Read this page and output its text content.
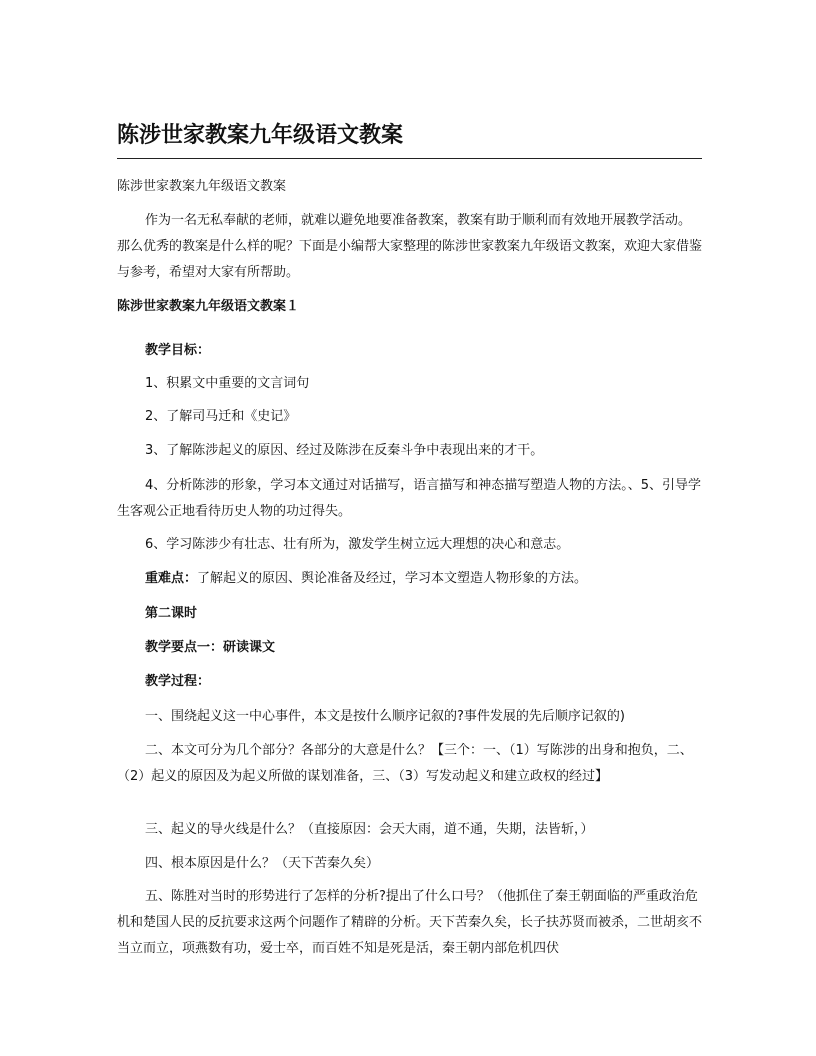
陈涉世家教案九年级语文教案

陈涉世家教案九年级语文教案

作为一名无私奉献的老师，就难以避免地要准备教案，教案有助于顺利而有效地开展教学活动。那么优秀的教案是什么样的呢？下面是小编帮大家整理的陈涉世家教案九年级语文教案，欢迎大家借鉴与参考，希望对大家有所帮助。

陈涉世家教案九年级语文教案１

教学目标：

1、积累文中重要的文言词句

2、了解司马迁和《史记》

3、了解陈涉起义的原因、经过及陈涉在反秦斗争中表现出来的才干。

4、分析陈涉的形象，学习本文通过对话描写，语言描写和神态描写塑造人物的方法。、5、引导学生客观公正地看待历史人物的功过得失。

6、学习陈涉少有壮志、壮有所为，激发学生树立远大理想的决心和意志。

重难点：了解起义的原因、舆论准备及经过，学习本文塑造人物形象的方法。

第二课时

教学要点一：研读课文

教学过程：

一、围绕起义这一中心事件，本文是按什么顺序记叙的?事件发展的先后顺序记叙的)

二、本文可分为几个部分？各部分的大意是什么？【三个：一、（1）写陈涉的出身和抱负，二、（2）起义的原因及为起义所做的谋划准备，三、（3）写发动起义和建立政权的经过】

三、起义的导火线是什么？（直接原因：会天大雨，道不通，失期，法皆斩，）

四、根本原因是什么？（天下苦秦久矣）

五、陈胜对当时的形势进行了怎样的分析?提出了什么口号？（他抓住了秦王朝面临的严重政治危机和楚国人民的反抗要求这两个问题作了精辟的分析。天下苦秦久矣，长子扶苏贤而被杀，二世胡亥不当立而立，项燕数有功，爱士卒，而百姓不知是死是活，秦王朝内部危机四伏
